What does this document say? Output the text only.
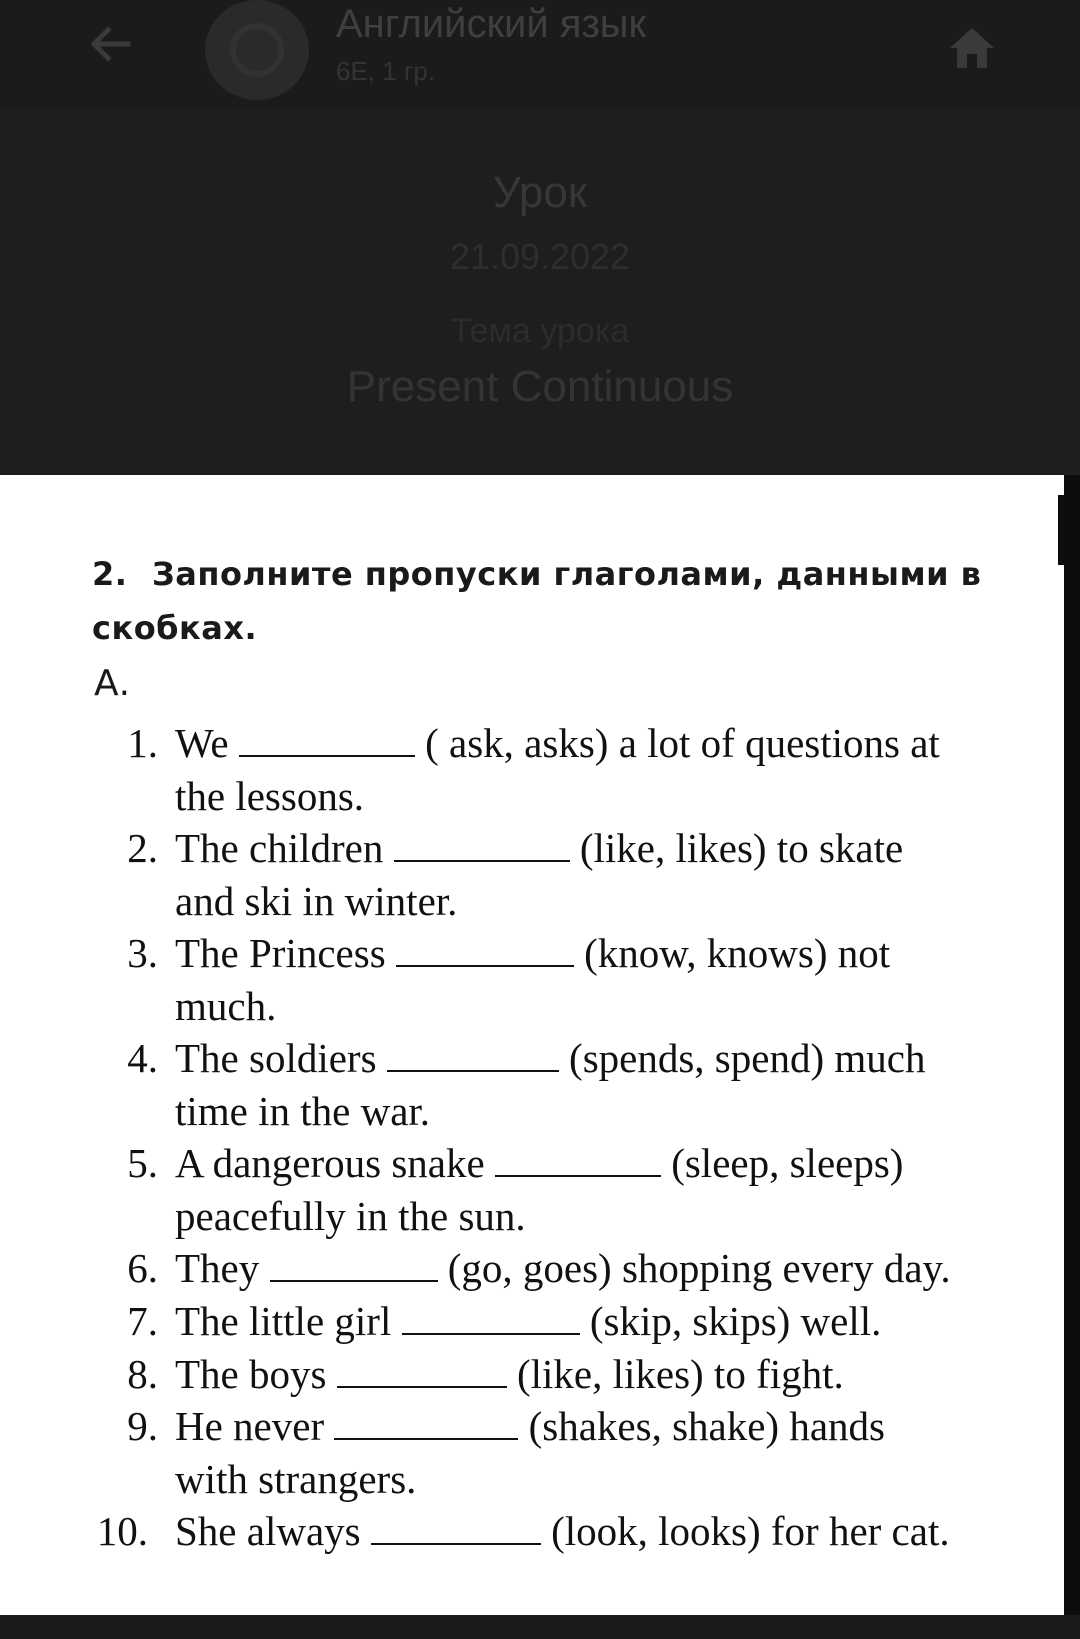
Английский язык
6Е, 1 гр.
Урок
21.09.2022
Тема урока
Present Continuous
2. Заполните пропуски глаголами, данными в скобках.
А.
1. We	( ask, asks) a lot of questions at
the lessons.
2. The children	(like, likes) to skate
and ski in winter.
3. The Princess	(know, knows) not
much.
4. The soldiers	(spends, spend) much
time in the war.
5. A dangerous snake	(sleep, sleeps)
peacefully in the sun.
6. They	(go, goes) shopping every day.
7. The little girl	(skip, skips) well.
8. The boys	(like, likes) to fight.
9. He never	(shakes, shake) hands
with strangers.
10. She always	(look, looks) for her cat.
